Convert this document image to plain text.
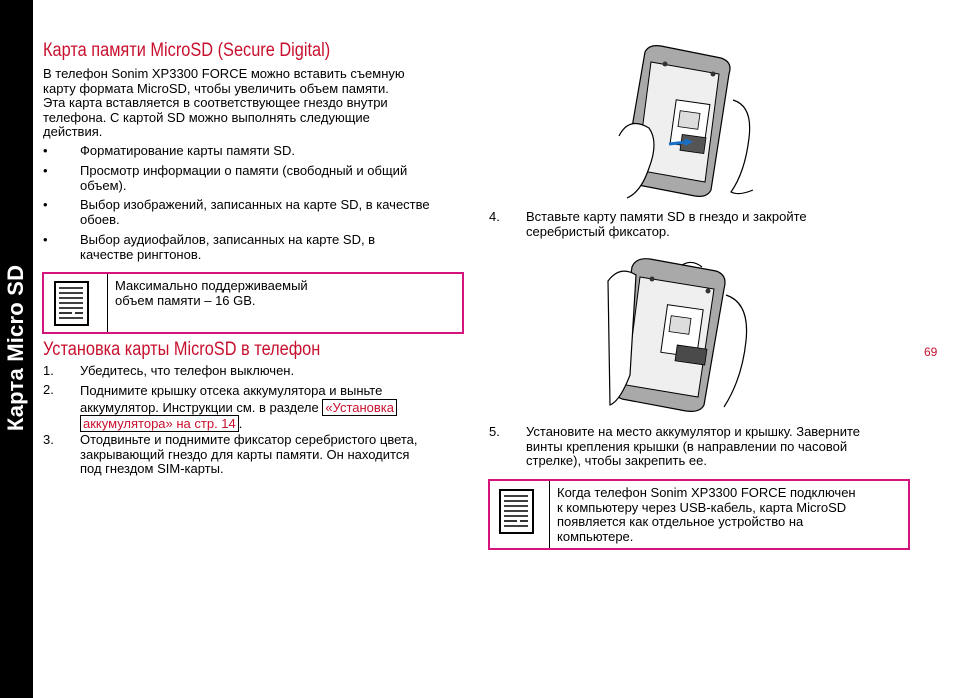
Карта Micro SD
Карта памяти MicroSD (Secure Digital)
В телефон Sonim XP3300 FORCE можно вставить съемную
карту формата MicroSD, чтобы увеличить объем памяти.
Эта карта вставляется в соответствующее гнездо внутри
телефона. С картой SD можно выполнять следующие
действия.
• Форматирование карты памяти SD.
• Просмотр информации о памяти (свободный и общий
объем).
• Выбор изображений, записанных на карте SD, в качестве
обоев.
• Выбор аудиофайлов, записанных на карте SD, в
качестве рингтонов.
Максимально поддерживаемый
объем памяти – 16 GB.
Установка карты MicroSD в телефон
1. Убедитесь, что телефон выключен.
2. Поднимите крышку отсека аккумулятора и выньте
аккумулятор. Инструкции см. в разделе «Установка
аккумулятора» на стр. 14 .
3. Отодвиньте и поднимите фиксатор серебристого цвета,
закрывающий гнездо для карты памяти. Он находится
под гнездом SIM-карты.
4. Вставьте карту памяти SD в гнездо и закройте
серебристый фиксатор.
69
5. Установите на место аккумулятор и крышку. Заверните
винты крепления крышки (в направлении по часовой
стрелке), чтобы закрепить ее.
Когда телефон Sonim XP3300 FORCE подключен
к компьютеру через USB-кабель, карта MicroSD
появляется как отдельное устройство на
компьютере.
